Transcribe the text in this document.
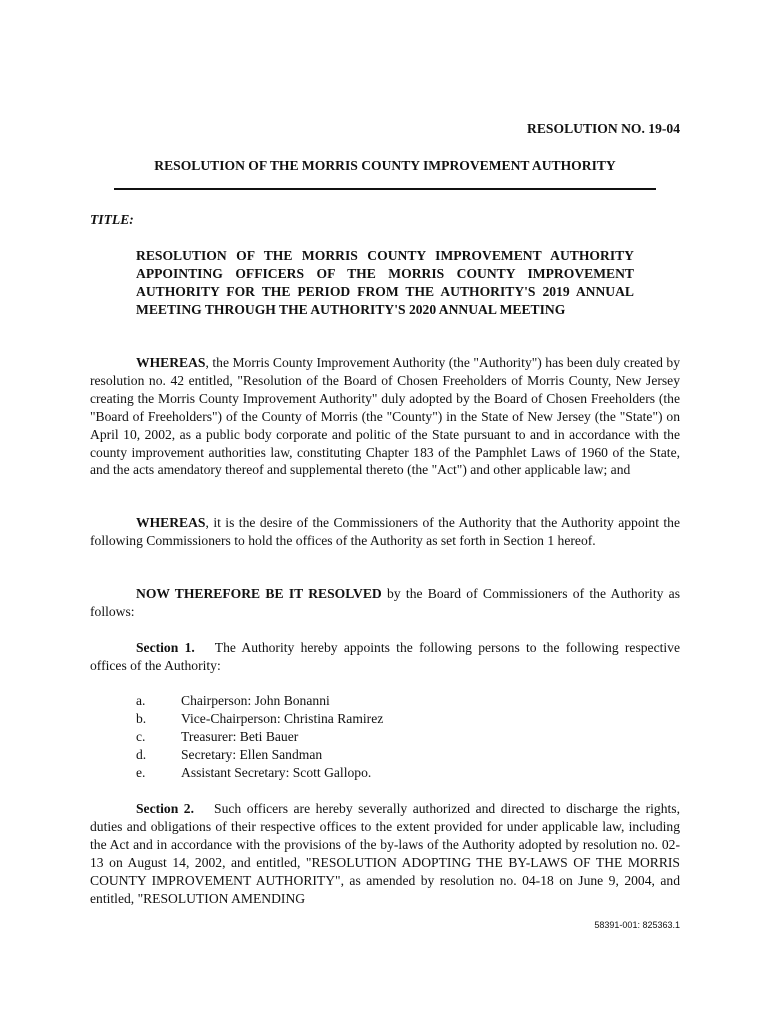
RESOLUTION NO. 19-04
RESOLUTION OF THE MORRIS COUNTY IMPROVEMENT AUTHORITY
TITLE:
RESOLUTION OF THE MORRIS COUNTY IMPROVEMENT AUTHORITY APPOINTING OFFICERS OF THE MORRIS COUNTY IMPROVEMENT AUTHORITY FOR THE PERIOD FROM THE AUTHORITY'S 2019 ANNUAL MEETING THROUGH THE AUTHORITY'S 2020 ANNUAL MEETING
WHEREAS, the Morris County Improvement Authority (the "Authority") has been duly created by resolution no. 42 entitled, "Resolution of the Board of Chosen Freeholders of Morris County, New Jersey creating the Morris County Improvement Authority" duly adopted by the Board of Chosen Freeholders (the "Board of Freeholders") of the County of Morris (the "County") in the State of New Jersey (the "State") on April 10, 2002, as a public body corporate and politic of the State pursuant to and in accordance with the county improvement authorities law, constituting Chapter 183 of the Pamphlet Laws of 1960 of the State, and the acts amendatory thereof and supplemental thereto (the "Act") and other applicable law; and
WHEREAS, it is the desire of the Commissioners of the Authority that the Authority appoint the following Commissioners to hold the offices of the Authority as set forth in Section 1 hereof.
NOW THEREFORE BE IT RESOLVED by the Board of Commissioners of the Authority as follows:
Section 1. The Authority hereby appoints the following persons to the following respective offices of the Authority:
a.	Chairperson: John Bonanni
b.	Vice-Chairperson: Christina Ramirez
c.	Treasurer: Beti Bauer
d.	Secretary: Ellen Sandman
e.	Assistant Secretary: Scott Gallopo.
Section 2. Such officers are hereby severally authorized and directed to discharge the rights, duties and obligations of their respective offices to the extent provided for under applicable law, including the Act and in accordance with the provisions of the by-laws of the Authority adopted by resolution no. 02-13 on August 14, 2002, and entitled, "RESOLUTION ADOPTING THE BY-LAWS OF THE MORRIS COUNTY IMPROVEMENT AUTHORITY", as amended by resolution no. 04-18 on June 9, 2004, and entitled, "RESOLUTION AMENDING
58391-001: 825363.1
